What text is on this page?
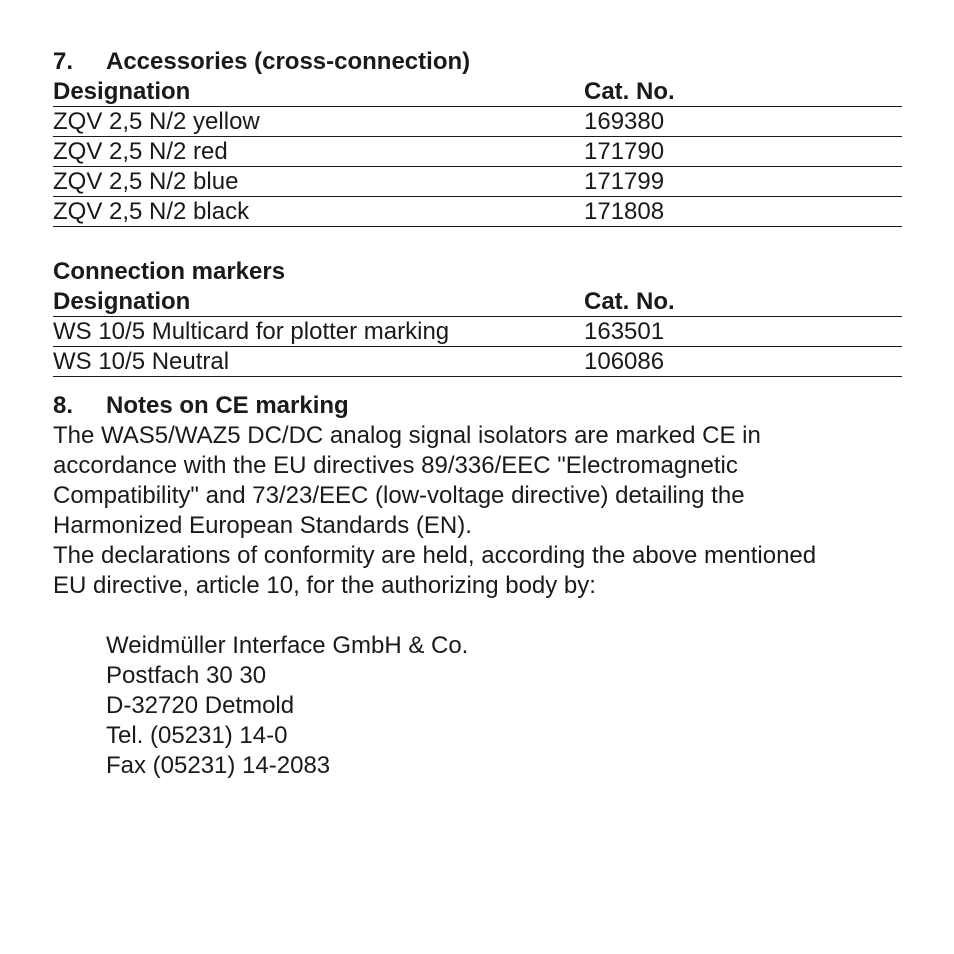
7. Accessories (cross-connection)
Designation	Cat. No.
ZQV 2,5 N/2 yellow	169380
ZQV 2,5 N/2 red	171790
ZQV 2,5 N/2 blue	171799
ZQV 2,5 N/2 black	171808
Connection markers
Designation	Cat. No.
WS 10/5 Multicard for plotter marking	163501
WS 10/5 Neutral	106086
8. Notes on CE marking
The WAS5/WAZ5 DC/DC analog signal isolators are marked CE in
accordance with the EU directives 89/336/EEC "Electromagnetic
Compatibility" and 73/23/EEC (low-voltage directive) detailing the
Harmonized European Standards (EN).
The declarations of conformity are held, according the above mentioned
EU directive, article 10, for the authorizing body by:
Weidmüller Interface GmbH & Co.
Postfach 30 30
D-32720 Detmold
Tel. (05231) 14-0
Fax (05231) 14-2083
